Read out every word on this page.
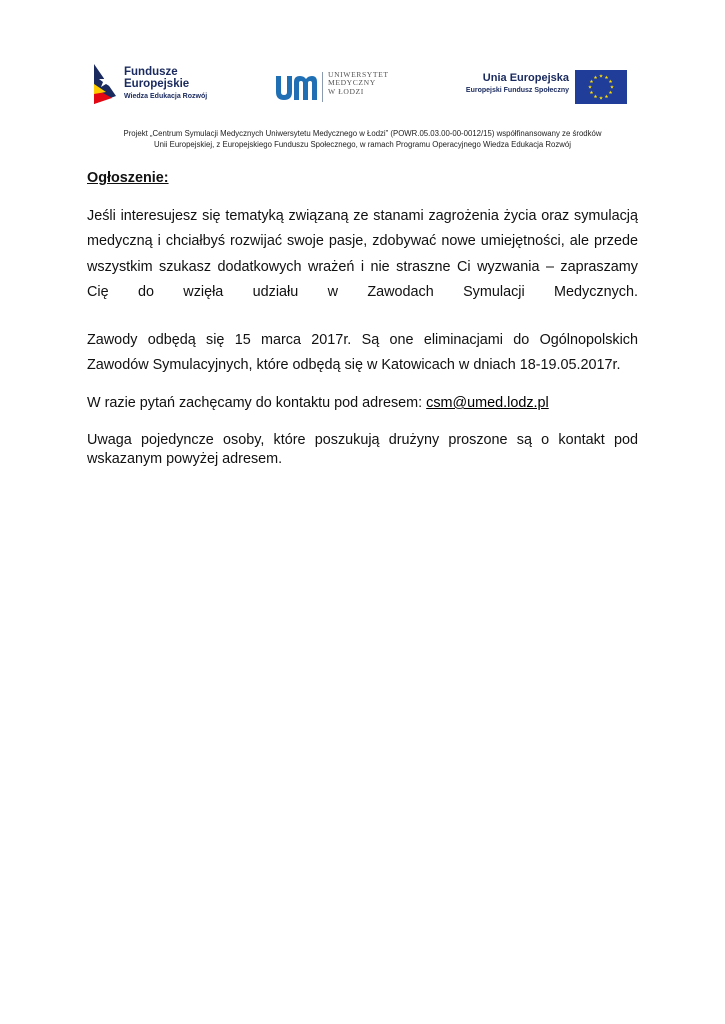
Fundusze
Europejskie
Wiedza Edukacja Rozwój
UNIWERSYTET
MEDYCZNY
W ŁODZI
Unia Europejska
Europejski Fundusz Społeczny
Projekt „Centrum Symulacji Medycznych Uniwersytetu Medycznego w Łodzi” (POWR.05.03.00-00-0012/15) współfinansowany ze środków
Unii Europejskiej, z Europejskiego Funduszu Społecznego, w ramach Programu Operacyjnego Wiedza Edukacja Rozwój

Ogłoszenie:

Jeśli interesujesz się tematyką związaną ze stanami zagrożenia życia oraz symulacją
medyczną i chciałbyś rozwijać swoje pasje, zdobywać nowe umiejętności, ale przede
wszystkim szukasz dodatkowych wrażeń i nie straszne Ci wyzwania – zapraszamy
Cię do wzięła udziału w Zawodach Symulacji Medycznych.

Zawody odbędą się 15 marca 2017r. Są one eliminacjami do Ogólnopolskich
Zawodów Symulacyjnych, które odbędą się w Katowicach w dniach 18-19.05.2017r.

W razie pytań zachęcamy do kontaktu pod adresem: csm@umed.lodz.pl

Uwaga pojedyncze osoby, które poszukują drużyny proszone są o kontakt pod
wskazanym powyżej adresem.
